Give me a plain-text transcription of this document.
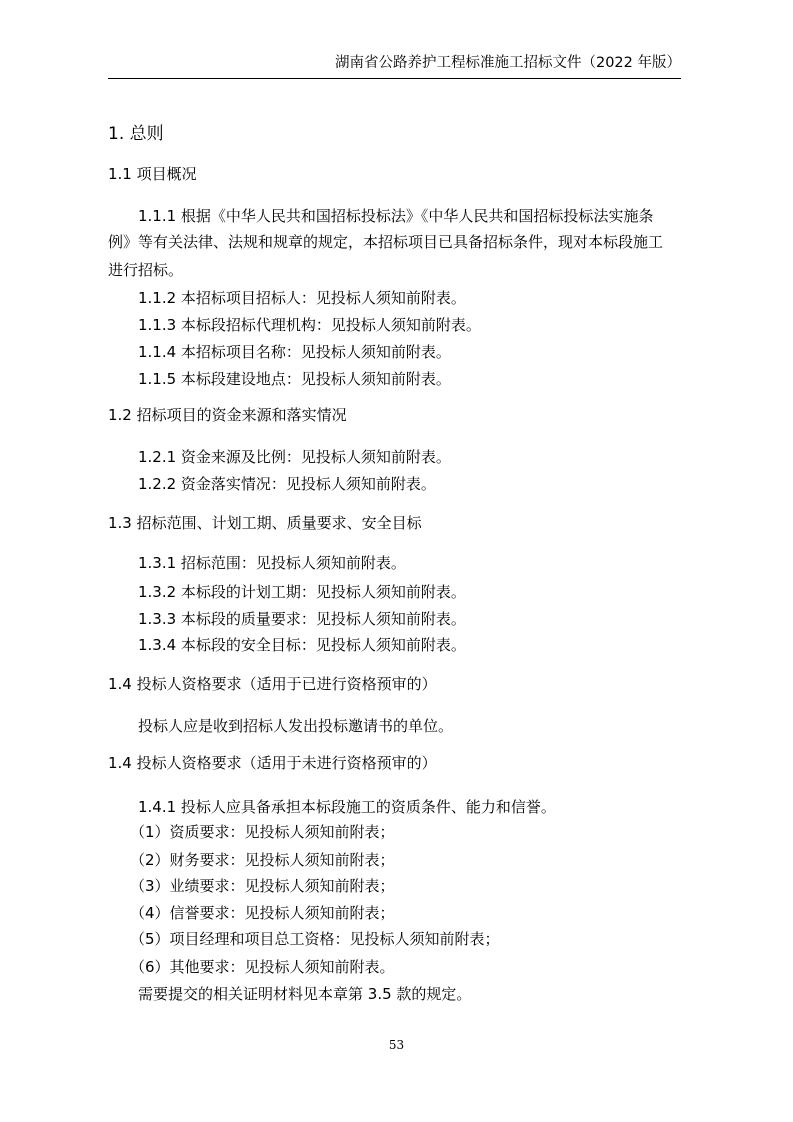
湖南省公路养护工程标准施工招标文件（2022 年版）
1. 总则
1.1 项目概况
1.1.1 根据《中华人民共和国招标投标法》《中华人民共和国招标投标法实施条
例》等有关法律、法规和规章的规定，本招标项目已具备招标条件，现对本标段施工
进行招标。
1.1.2 本招标项目招标人：见投标人须知前附表。
1.1.3 本标段招标代理机构：见投标人须知前附表。
1.1.4 本招标项目名称：见投标人须知前附表。
1.1.5 本标段建设地点：见投标人须知前附表。
1.2 招标项目的资金来源和落实情况
1.2.1 资金来源及比例：见投标人须知前附表。
1.2.2 资金落实情况：见投标人须知前附表。
1.3 招标范围、计划工期、质量要求、安全目标
1.3.1 招标范围：见投标人须知前附表。
1.3.2 本标段的计划工期：见投标人须知前附表。
1.3.3 本标段的质量要求：见投标人须知前附表。
1.3.4 本标段的安全目标：见投标人须知前附表。
1.4 投标人资格要求（适用于已进行资格预审的）
投标人应是收到招标人发出投标邀请书的单位。
1.4 投标人资格要求（适用于未进行资格预审的）
1.4.1 投标人应具备承担本标段施工的资质条件、能力和信誉。
（1）资质要求：见投标人须知前附表；
（2）财务要求：见投标人须知前附表；
（3）业绩要求：见投标人须知前附表；
（4）信誉要求：见投标人须知前附表；
（5）项目经理和项目总工资格：见投标人须知前附表；
（6）其他要求：见投标人须知前附表。
需要提交的相关证明材料见本章第 3.5 款的规定。
53
